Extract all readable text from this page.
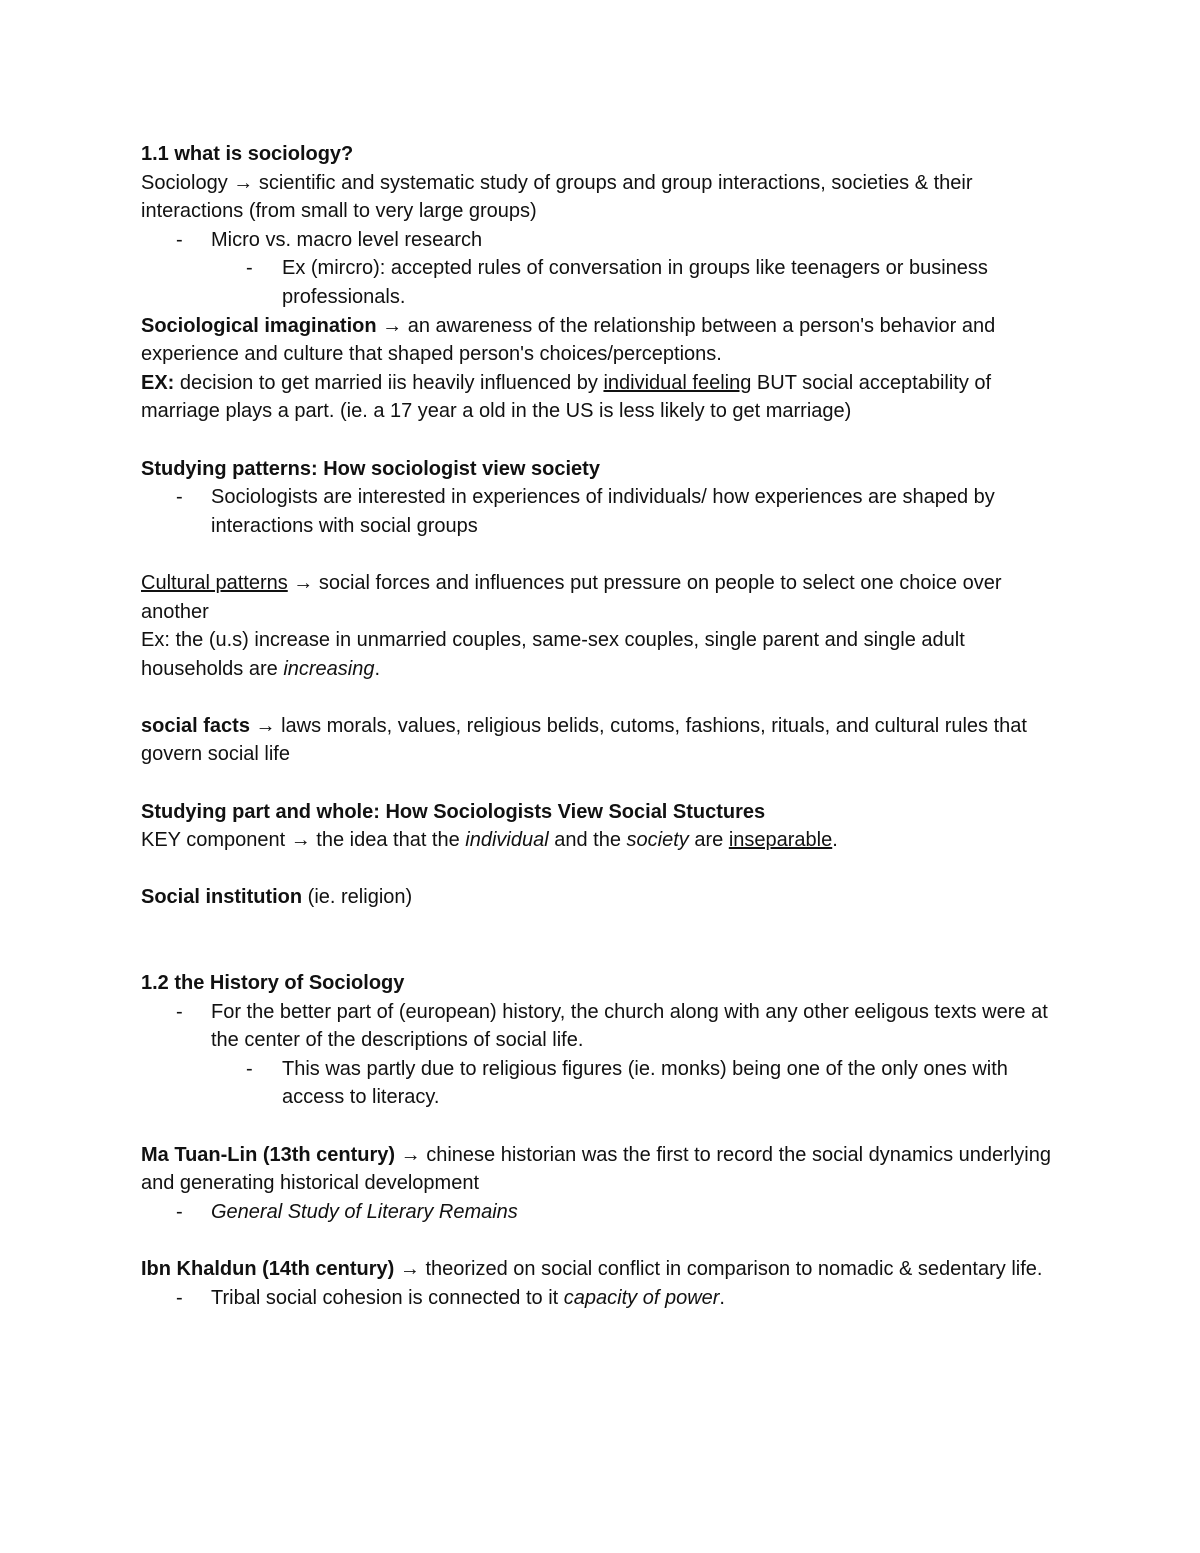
1.1 what is sociology?

Sociology → scientific and systematic study of groups and group interactions, societies & their interactions (from small to very large groups)

- Micro vs. macro level research

- Ex (mircro): accepted rules of conversation in groups like teenagers or business professionals.

Sociological imagination → an awareness of the relationship between a person's behavior and experience and culture that shaped person's choices/perceptions.

EX: decision to get married iis heavily influenced by individual feeling BUT social acceptability of marriage plays a part. (ie. a 17 year a old in the US is less likely to get marriage)

Studying patterns: How sociologist view society

- Sociologists are interested in experiences of individuals/ how experiences are shaped by interactions with social groups

Cultural patterns → social forces and influences put pressure on people to select one choice over another

Ex: the (u.s) increase in unmarried couples, same-sex couples, single parent and single adult households are increasing.

social facts → laws morals, values, religious belids, cutoms, fashions, rituals, and cultural rules that govern social life

Studying part and whole: How Sociologists View Social Stuctures

KEY component → the idea that the individual and the society are inseparable.

Social institution (ie. religion)

1.2 the History of Sociology

- For the better part of (european) history, the church along with any other eeligous texts were at the center of the descriptions of social life.

- This was partly due to religious figures (ie. monks) being one of the only ones with access to literacy.

Ma Tuan-Lin (13th century) → chinese historian was the first to record the social dynamics underlying and generating historical development

- General Study of Literary Remains

Ibn Khaldun (14th century) → theorized on social conflict in comparison to nomadic & sedentary life.

- Tribal social cohesion is connected to it capacity of power.
